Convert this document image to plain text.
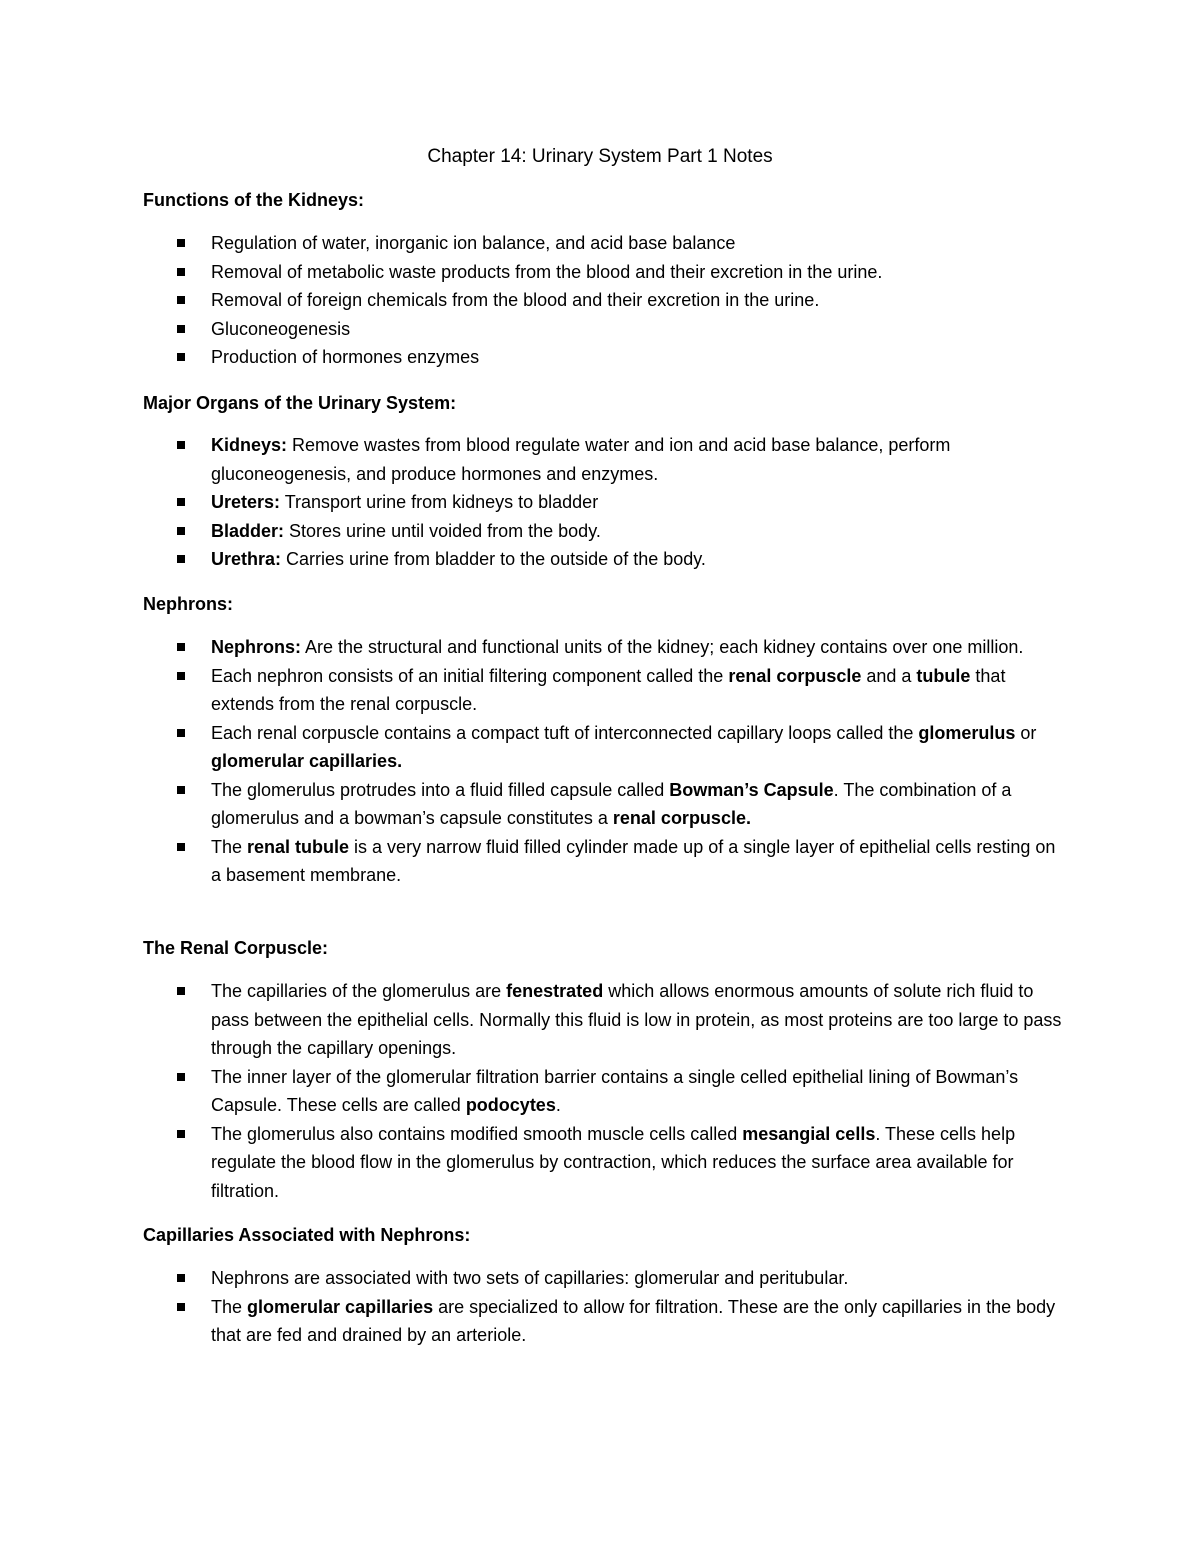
Chapter 14: Urinary System Part 1 Notes
Functions of the Kidneys:
Regulation of water, inorganic ion balance, and acid base balance
Removal of metabolic waste products from the blood and their excretion in the urine.
Removal of foreign chemicals from the blood and their excretion in the urine.
Gluconeogenesis
Production of hormones enzymes
Major Organs of the Urinary System:
Kidneys: Remove wastes from blood regulate water and ion and acid base balance, perform gluconeogenesis, and produce hormones and enzymes.
Ureters: Transport urine from kidneys to bladder
Bladder: Stores urine until voided from the body.
Urethra: Carries urine from bladder to the outside of the body.
Nephrons:
Nephrons: Are the structural and functional units of the kidney; each kidney contains over one million.
Each nephron consists of an initial filtering component called the renal corpuscle and a tubule that extends from the renal corpuscle.
Each renal corpuscle contains a compact tuft of interconnected capillary loops called the glomerulus or glomerular capillaries.
The glomerulus protrudes into a fluid filled capsule called Bowman’s Capsule. The combination of a glomerulus and a bowman’s capsule constitutes a renal corpuscle.
The renal tubule is a very narrow fluid filled cylinder made up of a single layer of epithelial cells resting on a basement membrane.
The Renal Corpuscle:
The capillaries of the glomerulus are fenestrated which allows enormous amounts of solute rich fluid to pass between the epithelial cells. Normally this fluid is low in protein, as most proteins are too large to pass through the capillary openings.
The inner layer of the glomerular filtration barrier contains a single celled epithelial lining of Bowman’s Capsule. These cells are called podocytes.
The glomerulus also contains modified smooth muscle cells called mesangial cells. These cells help regulate the blood flow in the glomerulus by contraction, which reduces the surface area available for filtration.
Capillaries Associated with Nephrons:
Nephrons are associated with two sets of capillaries: glomerular and peritubular.
The glomerular capillaries are specialized to allow for filtration. These are the only capillaries in the body that are fed and drained by an arteriole.
